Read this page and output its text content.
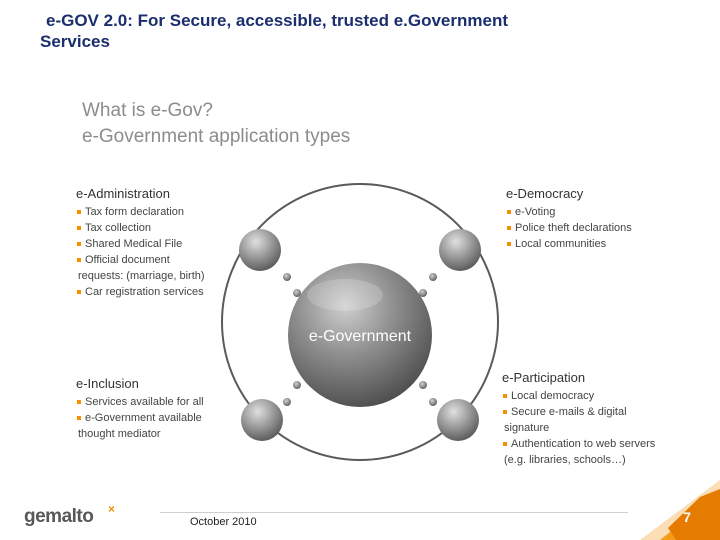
e-GOV 2.0: For Secure, accessible, trusted e.Government
Services
What is e-Gov?
e-Government application types
e-Government
e-Administration
Tax form declaration
Tax collection
Shared Medical File
Official document
requests: (marriage, birth)
Car registration services
e-Democracy
e-Voting
Police theft declarations
Local communities
e-Inclusion
Services available for all
e-Government available
thought mediator
e-Participation
Local democracy
Secure e-mails & digital
signature
Authentication to web servers
(e.g. libraries, schools…)
gemalto ×
October 2010	7
